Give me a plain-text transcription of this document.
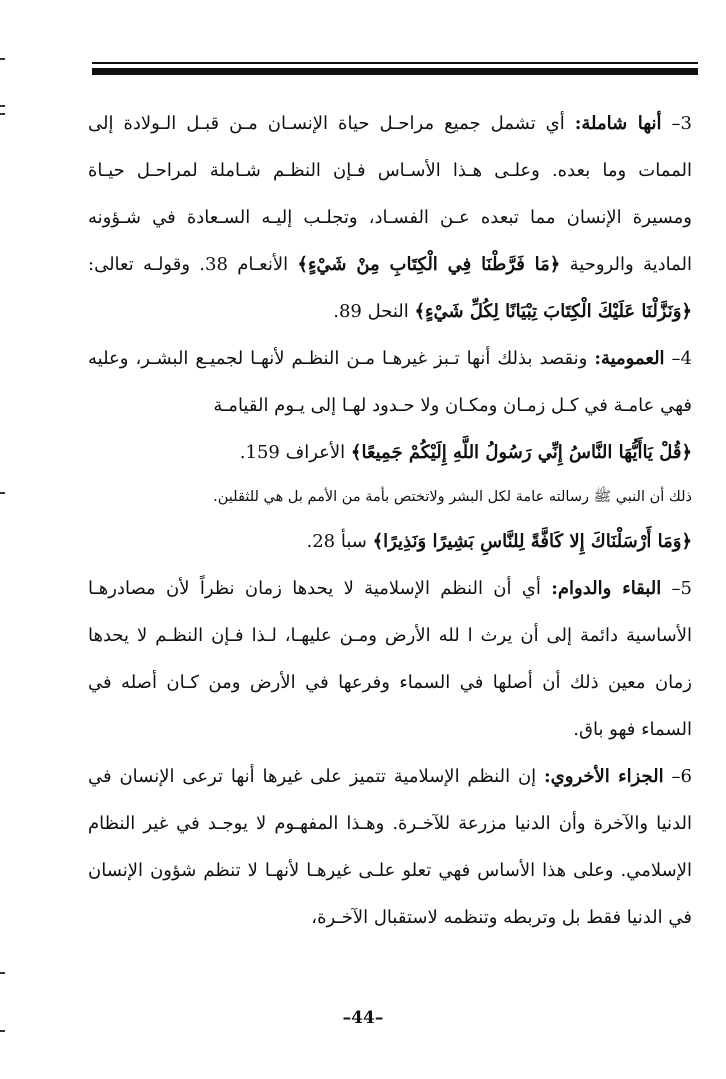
3– أنها شاملة: أي تشمل جميع مراحـل حياة الإنسـان مـن قبـل الـولادة إلى الممات وما بعده. وعلـى هـذا الأسـاس فـإن النظـم شـاملة لمراحـل حيـاة ومسيرة الإنسان مما تبعده عـن الفسـاد، وتجلـب إليـه السـعادة في شـؤونه المادية والروحية ﴿مَا فَرَّطْنَا فِي الْكِتَابِ مِنْ شَيْءٍ﴾ الأنعـام 38. وقولـه تعالى: ﴿وَنَزَّلْنَا عَلَيْكَ الْكِتَابَ تِبْيَانًا لِكُلِّ شَيْءٍ﴾ النحل 89.

4– العمومية: ونقصد بذلك أنها تـبز غيرهـا مـن النظـم لأنهـا لجميـع البشـر، وعليه فهي عامـة في كـل زمـان ومكـان ولا حـدود لهـا إلى يـوم القيامـة

﴿قُلْ يَاأَيُّهَا النَّاسُ إِنِّي رَسُولُ اللَّهِ إِلَيْكُمْ جَمِيعًا﴾ الأعراف 159.

ذلك أن النبي ﷺ رسالته عامة لكل البشر ولاتختص بأمة من الأمم بل هي للثقلين.

﴿وَمَا أَرْسَلْنَاكَ إِلا كَافَّةً لِلنَّاسِ بَشِيرًا وَنَذِيرًا﴾ سبأ 28.

5– البقاء والدوام: أي أن النظم الإسلامية لا يحدها زمان نظراً لأن مصادرهـا الأساسية دائمة إلى أن يرث ا لله الأرض ومـن عليهـا، لـذا فـإن النظـم لا يحدها زمان معين ذلك أن أصلها في السماء وفرعها في الأرض ومن كـان أصله في السماء فهو باق.

6– الجزاء الأخروي: إن النظم الإسلامية تتميز على غيرها أنها ترعى الإنسان في الدنيا والآخرة وأن الدنيا مزرعة للآخـرة. وهـذا المفهـوم لا يوجـد في غير النظام الإسلامي. وعلى هذا الأساس فهي تعلو علـى غيرهـا لأنهـا لا تنظم شؤون الإنسان في الدنيا فقط بل وتربطه وتنظمه لاستقبال الآخـرة،

–44–
